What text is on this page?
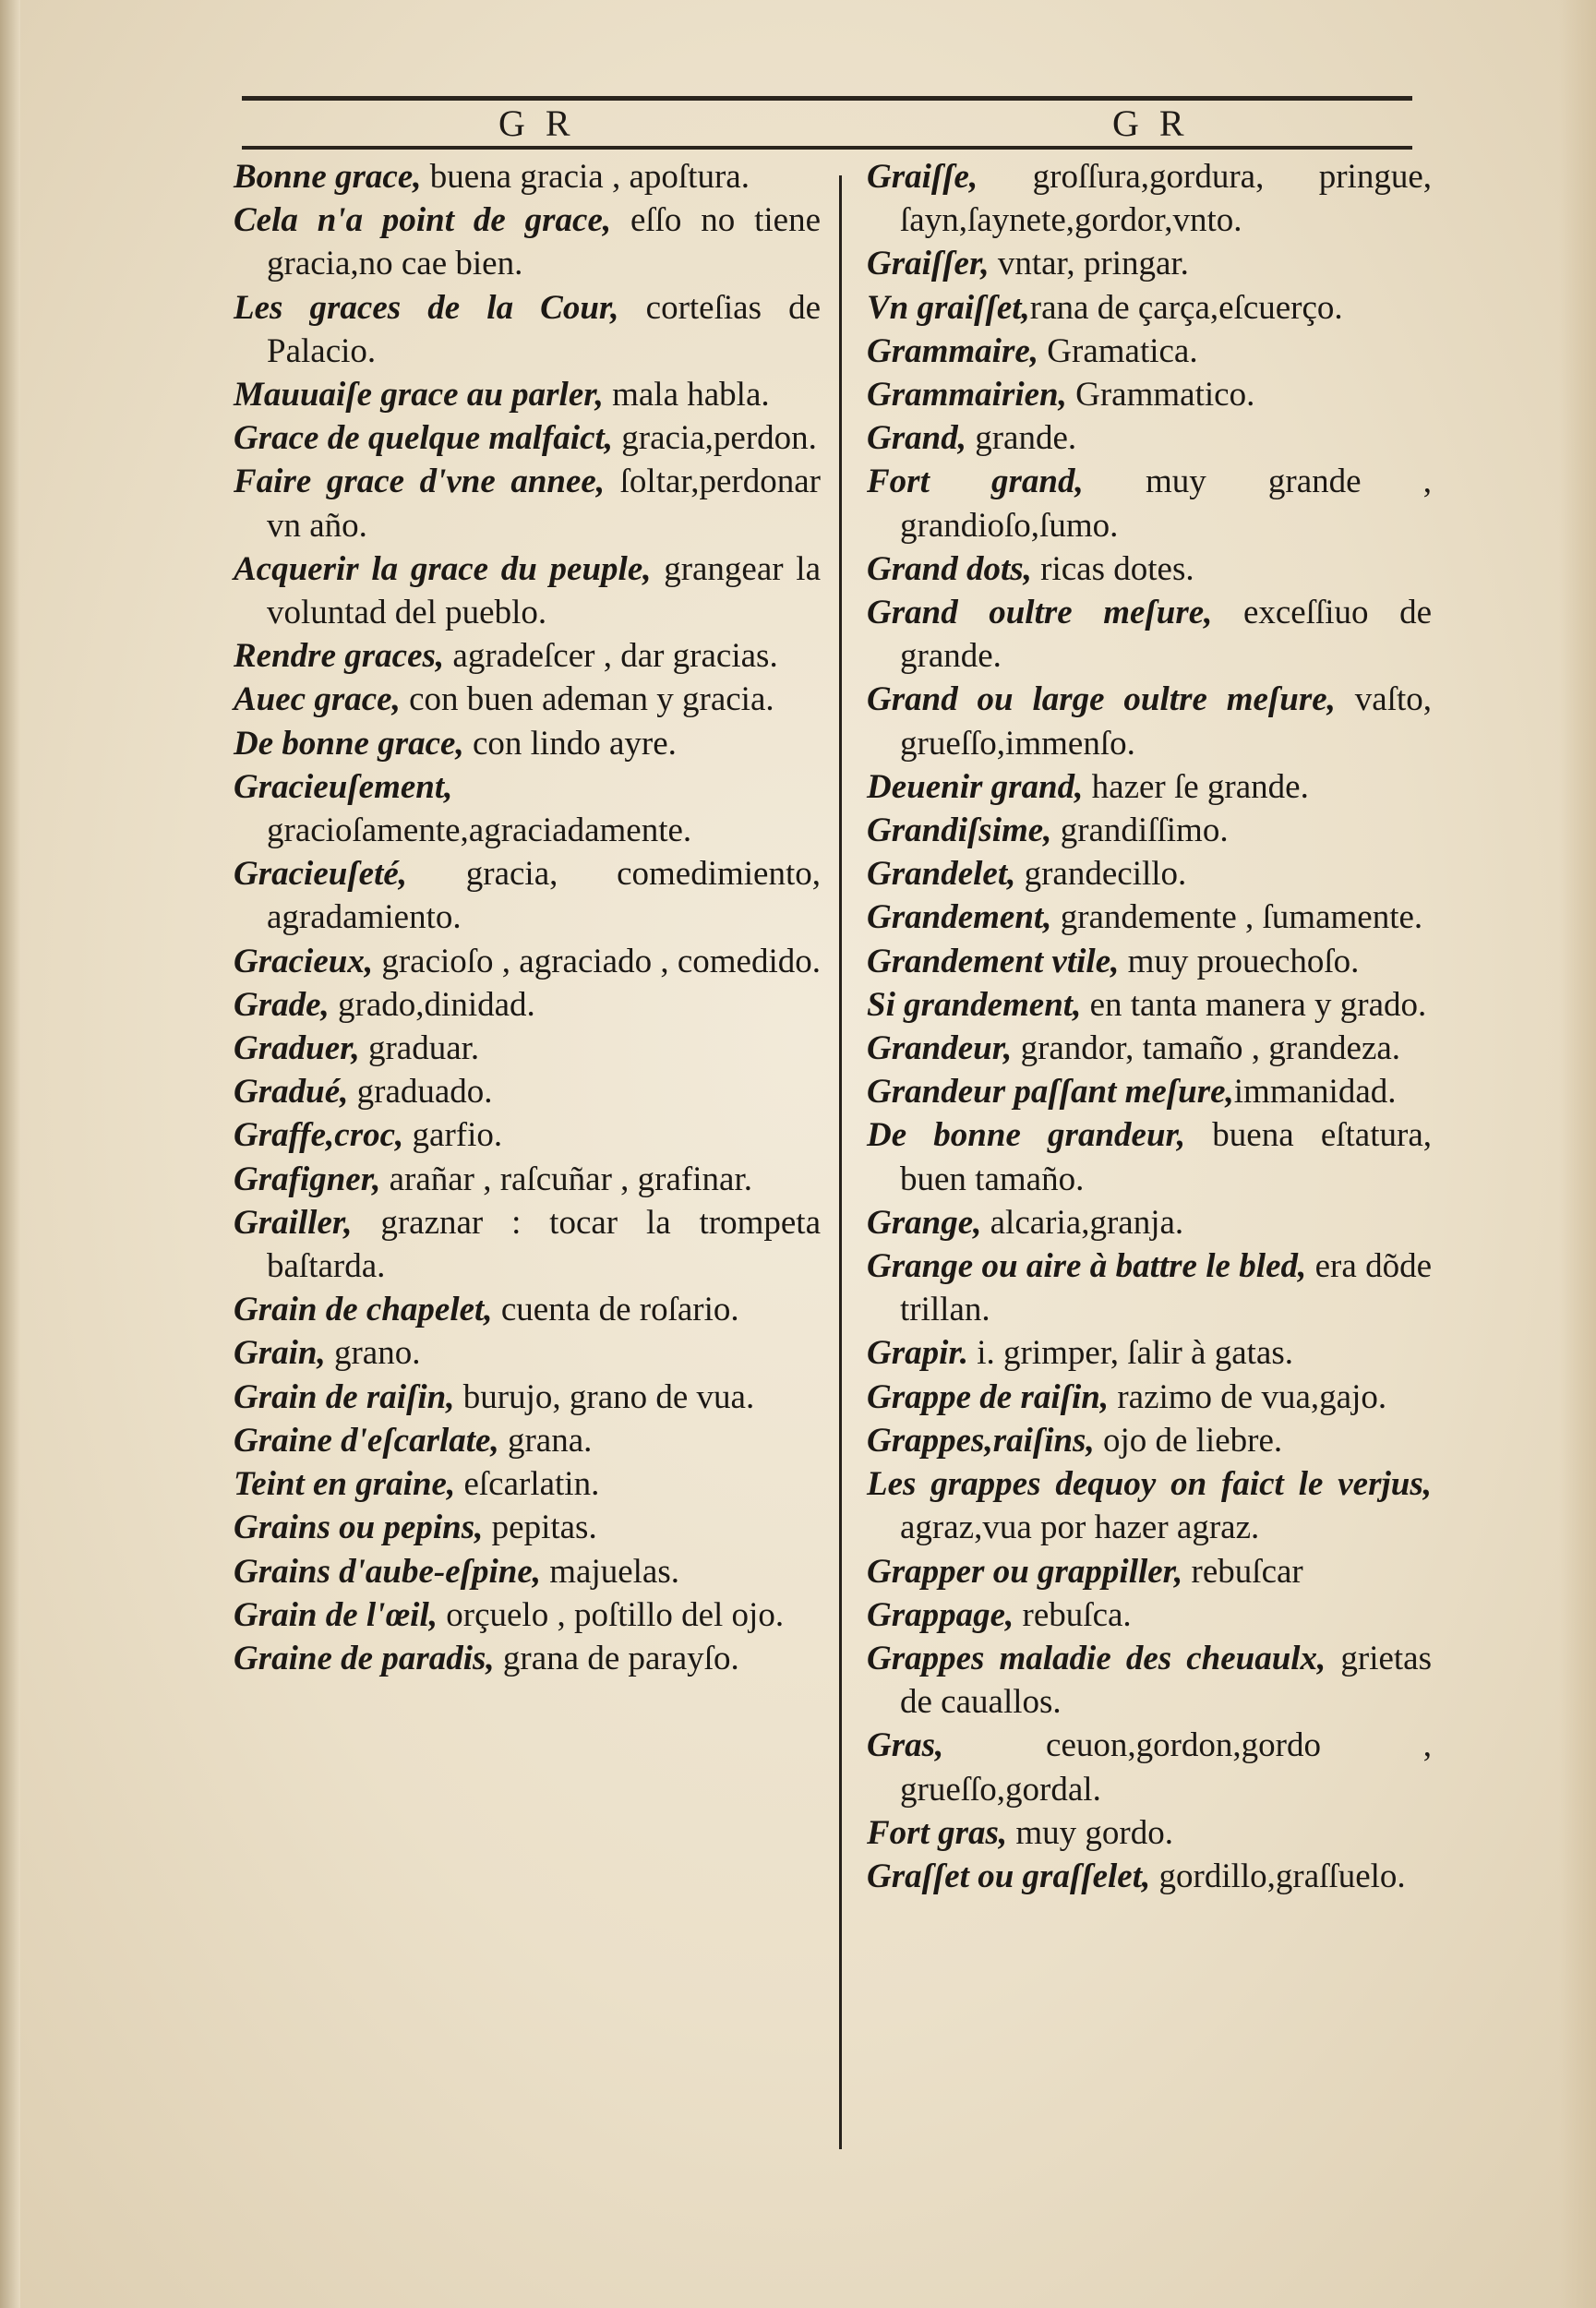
G R	G R

Bonne grace, buena gracia , apoſtura.

Cela n'a point de grace, eſſo no tiene gracia,no cae bien.

Les graces de la Cour, corteſias de Palacio.

Mauuaiſe grace au parler, mala habla.

Grace de quelque malfaict, gracia,perdon.

Faire grace d'vne annee, ſoltar,perdonar vn año.

Acquerir la grace du peuple, grangear la voluntad del pueblo.

Rendre graces, agradeſcer , dar gracias.

Auec grace, con buen ademan y gracia.

De bonne grace, con lindo ayre.

Gracieuſement, gracioſamente,agraciadamente.

Gracieuſeté, gracia, comedimiento, agradamiento.

Gracieux, gracioſo , agraciado , comedido.

Grade, grado,dinidad.

Graduer, graduar.

Gradué, graduado.

Graffe,croc, garfio.

Grafigner, arañar , raſcuñar , grafinar.

Grailler, graznar : tocar la trompeta baſtarda.

Grain de chapelet, cuenta de roſario.

Grain, grano.

Grain de raiſin, burujo, grano de vua.

Graine d'eſcarlate, grana.

Teint en graine, eſcarlatin.

Grains ou pepins, pepitas.

Grains d'aube-eſpine, majuelas.

Grain de l'œil, orçuelo , poſtillo del ojo.

Graine de paradis, grana de parayſo.

Graiſſe, groſſura,gordura, pringue, ſayn,ſaynete,gordor,vnto.

Graiſſer, vntar, pringar.

Vn graiſſet,rana de çarça,eſcuerço.

Grammaire, Gramatica.

Grammairien, Grammatico.

Grand, grande.

Fort grand, muy grande , grandioſo,ſumo.

Grand dots, ricas dotes.

Grand oultre meſure, exceſſiuo de grande.

Grand ou large oultre meſure, vaſto, grueſſo,immenſo.

Deuenir grand, hazer ſe grande.

Grandiſsime, grandiſſimo.

Grandelet, grandecillo.

Grandement, grandemente , ſumamente.

Grandement vtile, muy prouechoſo.

Si grandement, en tanta manera y grado.

Grandeur, grandor, tamaño , grandeza.

Grandeur paſſant meſure,immanidad.

De bonne grandeur, buena eſtatura, buen tamaño.

Grange, alcaria,granja.

Grange ou aire à battre le bled, era dõde trillan.

Grapir. i. grimper, ſalir à gatas.

Grappe de raiſin, razimo de vua,gajo.

Grappes,raiſins, ojo de liebre.

Les grappes dequoy on faict le verjus, agraz,vua por hazer agraz.

Grapper ou grappiller, rebuſcar

Grappage, rebuſca.

Grappes maladie des cheuaulx, grietas de cauallos.

Gras, ceuon,gordon,gordo , grueſſo,gordal.

Fort gras, muy gordo.

Graſſet ou graſſelet, gordillo,graſſuelo.
